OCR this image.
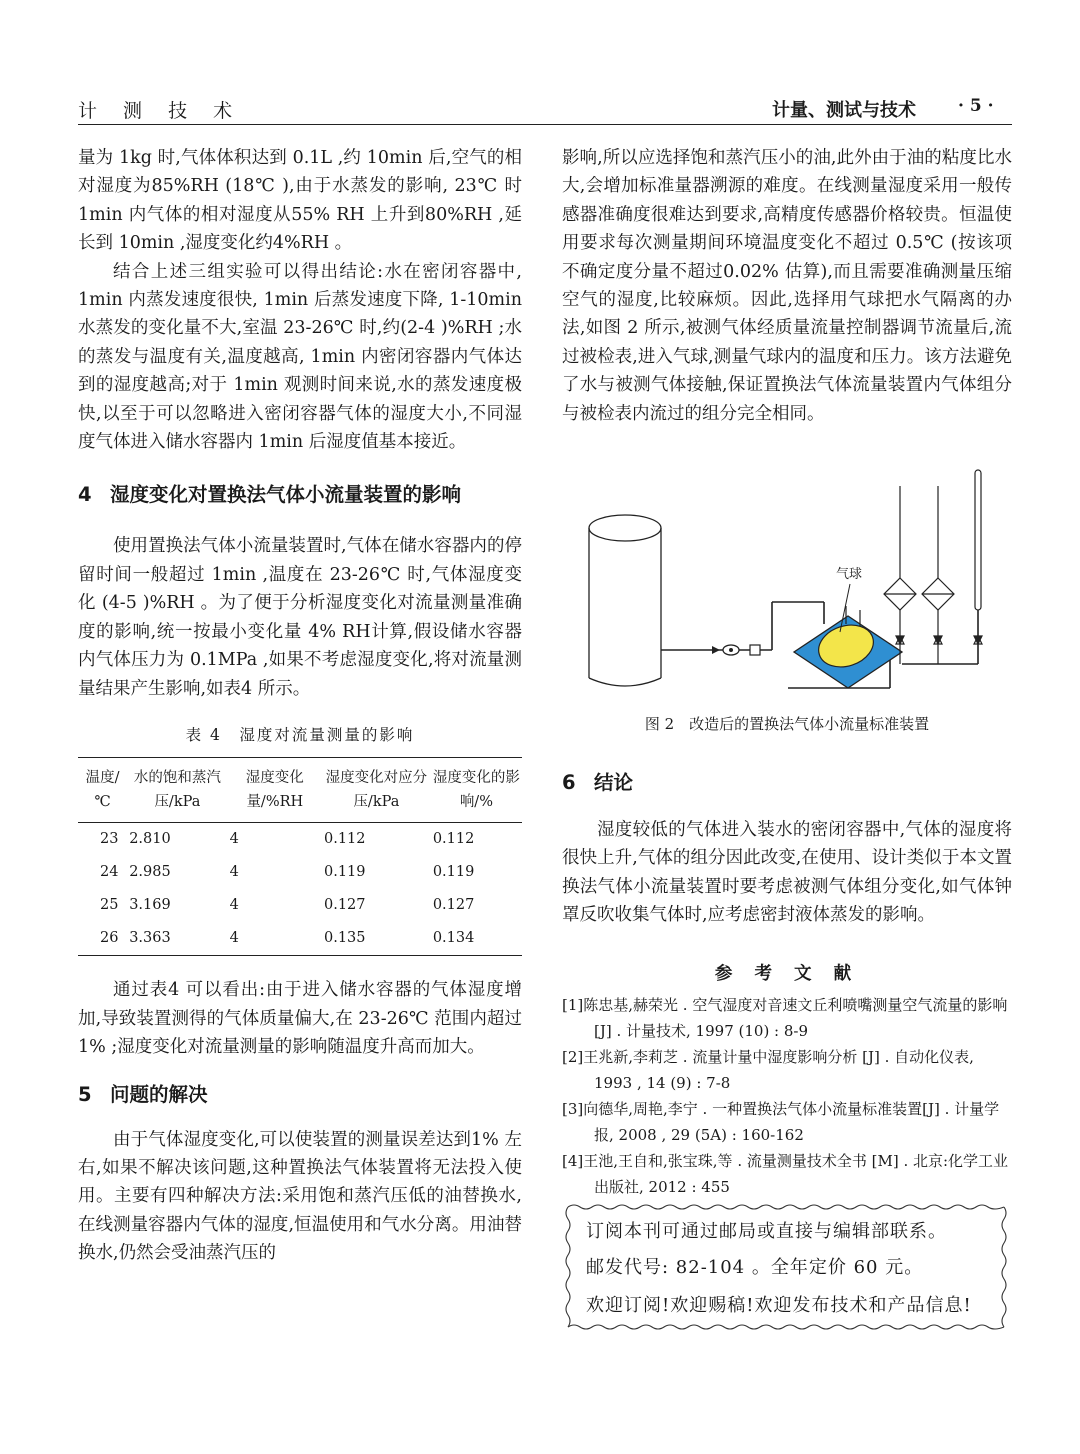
计 测 技 术	计量、测试与技术 · 5 ·

量为 1kg 时,气体体积达到 0.1L ,约 10min 后,空气的相对湿度为85%RH (18℃ ),由于水蒸发的影响, 23℃ 时 1min 内气体的相对湿度从55% RH 上升到80%RH ,延长到 10min ,湿度变化约4%RH 。

结合上述三组实验可以得出结论:水在密闭容器中, 1min 内蒸发速度很快, 1min 后蒸发速度下降, 1-10min 水蒸发的变化量不大,室温 23-26℃ 时,约(2-4 )%RH ;水的蒸发与温度有关,温度越高, 1min 内密闭容器内气体达到的湿度越高;对于 1min 观测时间来说,水的蒸发速度极快,以至于可以忽略进入密闭容器气体的湿度大小,不同湿度气体进入储水容器内 1min 后湿度值基本接近。

4 湿度变化对置换法气体小流量装置的影响

使用置换法气体小流量装置时,气体在储水容器内的停留时间一般超过 1min ,温度在 23-26℃ 时,气体湿度变化 (4-5 )%RH 。为了便于分析湿度变化对流量测量准确度的影响,统一按最小变化量 4% RH计算,假设储水容器内气体压力为 0.1MPa ,如果不考虑湿度变化,将对流量测量结果产生影响,如表4 所示。

表 4　湿度对流量测量的影响
温度/℃	水的饱和蒸汽压/kPa	湿度变化量/%RH	湿度变化对应分压/kPa	湿度变化的影响/%
23	2.810	4	0.112	0.112
24	2.985	4	0.119	0.119
25	3.169	4	0.127	0.127
26	3.363	4	0.135	0.134

通过表4 可以看出:由于进入储水容器的气体湿度增加,导致装置测得的气体质量偏大,在 23-26℃ 范围内超过 1% ;湿度变化对流量测量的影响随温度升高而加大。

5 问题的解决

由于气体湿度变化,可以使装置的测量误差达到1% 左右,如果不解决该问题,这种置换法气体装置将无法投入使用。主要有四种解决方法:采用饱和蒸汽压低的油替换水,在线测量容器内气体的湿度,恒温使用和气水分离。用油替换水,仍然会受油蒸汽压的

影响,所以应选择饱和蒸汽压小的油,此外由于油的粘度比水大,会增加标准量器溯源的难度。在线测量湿度采用一般传感器准确度很难达到要求,高精度传感器价格较贵。恒温使用要求每次测量期间环境温度变化不超过 0.5℃ (按该项不确定度分量不超过0.02% 估算),而且需要准确测量压缩空气的湿度,比较麻烦。因此,选择用气球把水气隔离的办法,如图 2 所示,被测气体经质量流量控制器调节流量后,流过被检表,进入气球,测量气球内的温度和压力。该方法避免了水与被测气体接触,保证置换法气体流量装置内气体组分与被检表内流过的组分完全相同。

气球
图 2　改造后的置换法气体小流量标准装置
6 结论

湿度较低的气体进入装水的密闭容器中,气体的湿度将很快上升,气体的组分因此改变,在使用、设计类似于本文置换法气体小流量装置时要考虑被测气体组分变化,如气体钟罩反吹收集气体时,应考虑密封液体蒸发的影响。

参 考 文 献
[1]陈忠基,赫荣光 . 空气湿度对音速文丘利喷嘴测量空气流量的影响 [J] . 计量技术, 1997 (10) : 8-9
[2]王兆新,李莉芝 . 流量计量中湿度影响分析 [J] . 自动化仪表, 1993 , 14 (9) : 7-8
[3]向德华,周艳,李宁 . 一种置换法气体小流量标准装置[J] . 计量学报, 2008 , 29 (5A) : 160-162
[4]王池,王自和,张宝珠,等 . 流量测量技术全书 [M] . 北京:化学工业出版社, 2012 : 455
订阅本刊可通过邮局或直接与编辑部联系。
邮发代号: 82-104 。全年定价 60 元。
欢迎订阅!欢迎赐稿!欢迎发布技术和产品信息!
